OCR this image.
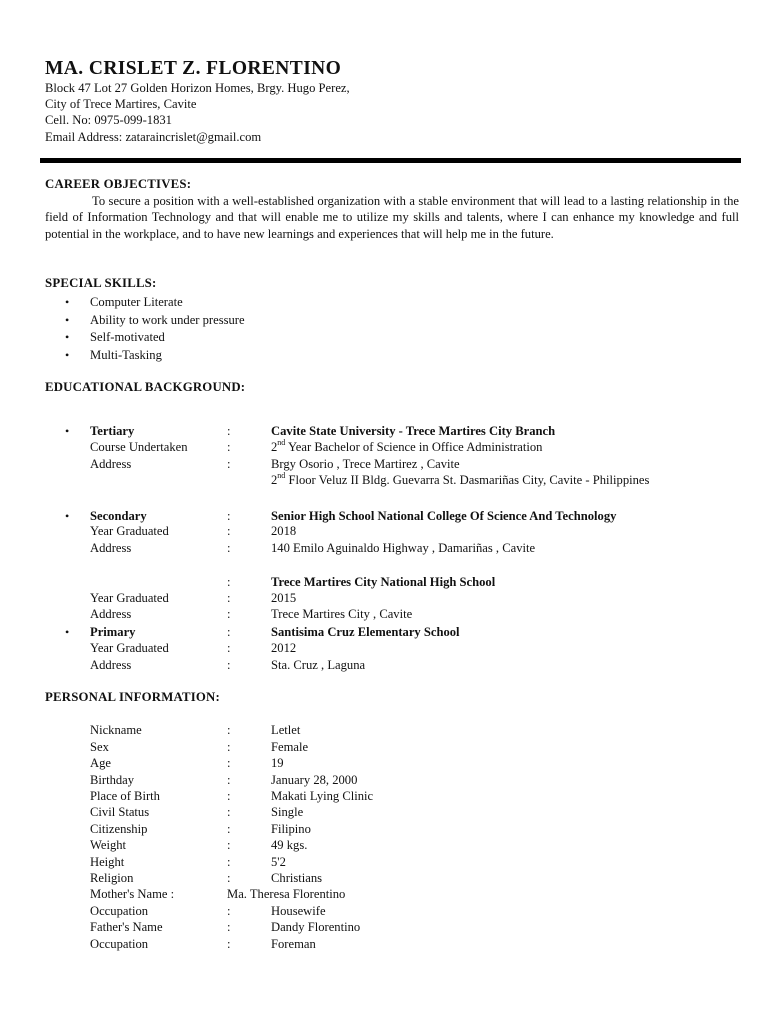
MA. CRISLET Z. FLORENTINO
Block 47 Lot 27 Golden Horizon Homes, Brgy. Hugo Perez,
City of Trece Martires, Cavite
Cell. No: 0975-099-1831
Email Address: zataraincrislet@gmail.com
CAREER OBJECTIVES:
To secure a position with a well-established organization with a stable environment that will lead to a lasting relationship in the field of Information Technology and that will enable me to utilize my skills and talents, where I can enhance my knowledge and full potential in the workplace, and to have new learnings and experiences that will help me in the future.
SPECIAL SKILLS:
• Computer Literate
• Ability to work under pressure
• Self-motivated
• Multi-Tasking
EDUCATIONAL BACKGROUND:
• Tertiary	:	Cavite State University - Trece Martires City Branch
Course Undertaken	:	2nd Year Bachelor of Science in Office Administration
Address	:	Brgy Osorio , Trece Martirez , Cavite
2nd Floor Veluz II Bldg. Guevarra St. Dasmariñas City, Cavite - Philippines
• Secondary	:	Senior High School National College Of Science And Technology
Year Graduated	:	2018
Address	:	140 Emilo Aguinaldo Highway , Damariñas , Cavite
:	Trece Martires City National High School
Year Graduated	:	2015
Address	:	Trece Martires City , Cavite
• Primary	:	Santisima Cruz Elementary School
Year Graduated	:	2012
Address	:	Sta. Cruz , Laguna
PERSONAL INFORMATION:
Nickname	:	Letlet
Sex	:	Female
Age	:	19
Birthday	:	January 28, 2000
Place of Birth	:	Makati Lying Clinic
Civil Status	:	Single
Citizenship	:	Filipino
Weight	:	49 kgs.
Height	:	5'2
Religion	:	Christians
Mother's Name :	Ma. Theresa Florentino
Occupation	:	Housewife
Father's Name	:	Dandy Florentino
Occupation	:	Foreman
